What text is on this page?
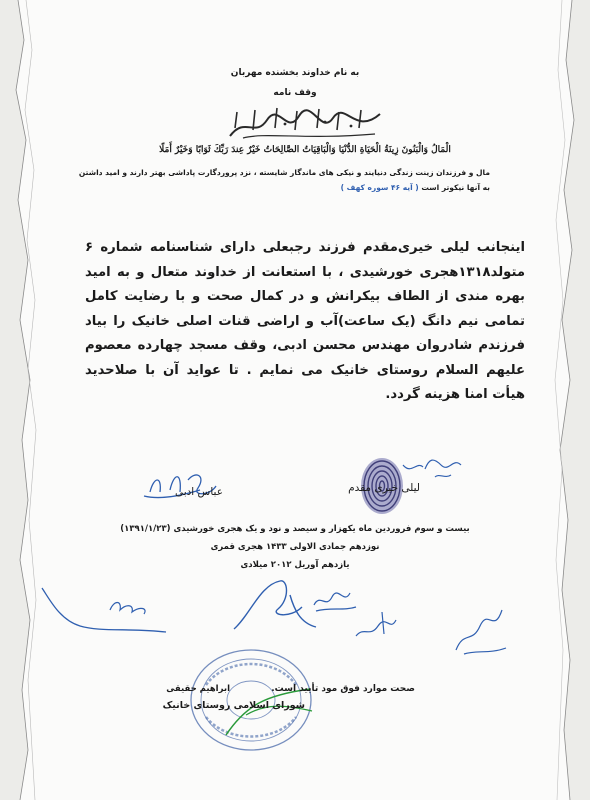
به نام خداوند بخشنده مهربان
وقف نامه
الْمَالُ وَالْبَنُونَ زِينَةُ الْحَيَاةِ الدُّنْيَا وَالْبَاقِيَاتُ الصَّالِحَاتُ خَيْرٌ عِندَ رَبِّكَ ثَوَابًا وَخَيْرٌ أَمَلًا
مال و فرزندان زینت زندگی دنیایند و نیکی های ماندگار شایسته ، نزد پروردگارت پاداشی بهتر دارند و امید داشتن
به آنها نیکوتر است ( آیه ۴۶ سوره کهف )
اینجانب لیلی خیری‌مقدم فرزند رجبعلی دارای شناسنامه شماره ۶ متولد۱۳۱۸هجری خورشیدی ، با استعانت از خداوند متعال و به امید بهره مندی از الطاف بیکرانش و در کمال صحت و با رضایت کامل تمامی نیم دانگ (یک ساعت)آب و اراضی قنات اصلی خانیک را بیاد فرزندم شادروان مهندس محسن ادبی، وقف مسجد چهارده معصوم علیهم السلام روستای خانیک می نمایم . تا عواید آن با صلاحدید هیأت امنا هزینه گردد.
لیلی خیری مقدم
عباس ادبی
بیست و سوم فروردین ماه یکهزار و سیصد و نود و یک هجری خورشیدی (۱۳۹۱/۱/۲۳)
نوزدهم جمادی الاولی ۱۴۳۳ هجری قمری
یازدهم آوریل ۲۰۱۲ میلادی
صحت موارد فوق مود تأیید است.
ابراهیم حقیقی
شورای اسلامی روستای خانیک
